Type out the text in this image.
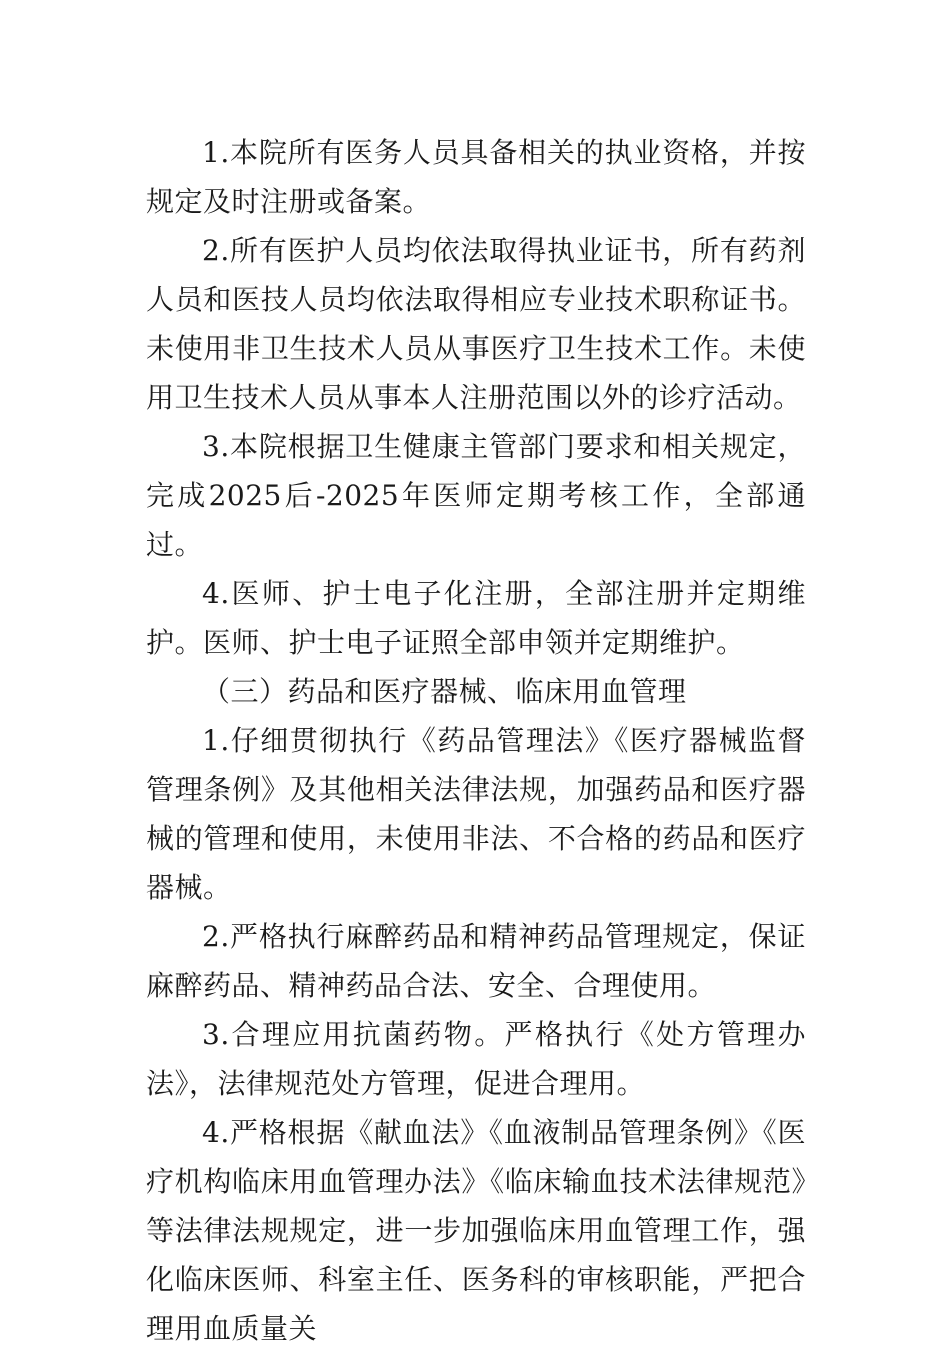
1.本院所有医务人员具备相关的执业资格，并按规定及时注册或备案。

2.所有医护人员均依法取得执业证书，所有药剂人员和医技人员均依法取得相应专业技术职称证书。未使用非卫生技术人员从事医疗卫生技术工作。未使用卫生技术人员从事本人注册范围以外的诊疗活动。

3.本院根据卫生健康主管部门要求和相关规定，完成2025后-2025年医师定期考核工作，全部通过。

4.医师、护士电子化注册，全部注册并定期维护。医师、护士电子证照全部申领并定期维护。

（三）药品和医疗器械、临床用血管理

1.仔细贯彻执行《药品管理法》《医疗器械监督管理条例》及其他相关法律法规，加强药品和医疗器械的管理和使用，未使用非法、不合格的药品和医疗器械。

2.严格执行麻醉药品和精神药品管理规定，保证麻醉药品、精神药品合法、安全、合理使用。

3.合理应用抗菌药物。严格执行《处方管理办法》，法律规范处方管理，促进合理用。

4.严格根据《献血法》《血液制品管理条例》《医疗机构临床用血管理办法》《临床输血技术法律规范》等法律法规规定，进一步加强临床用血管理工作，强化临床医师、科室主任、医务科的审核职能，严把合理用血质量关
